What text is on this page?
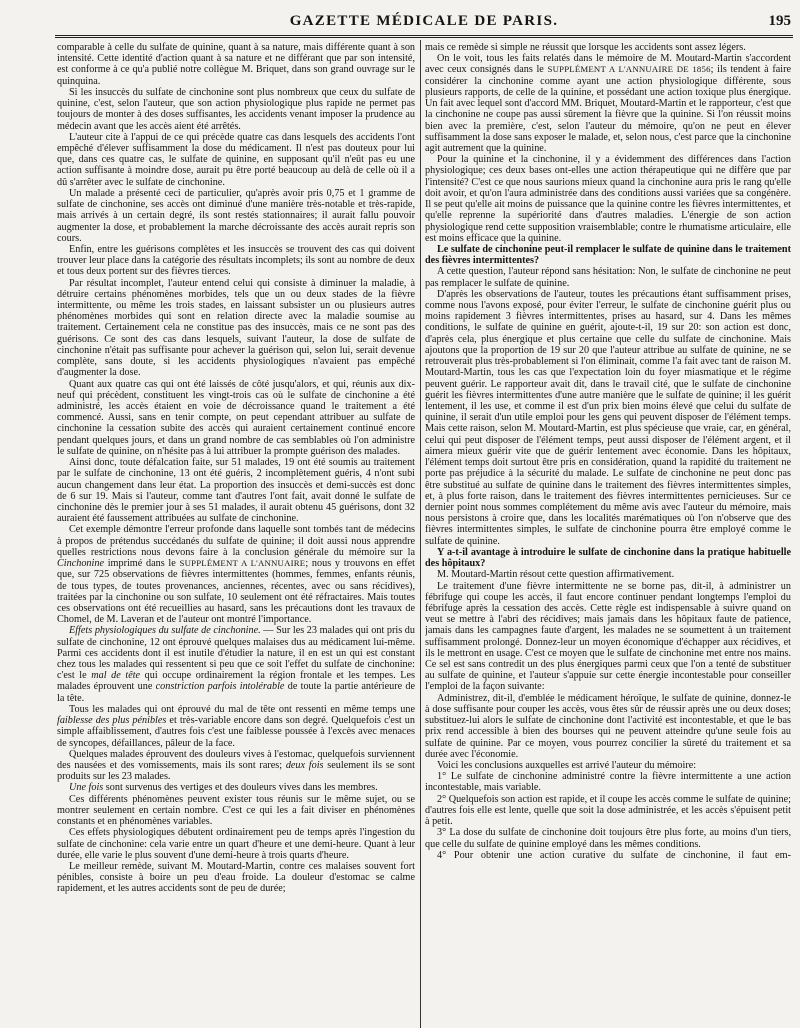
GAZETTE MÉDICALE DE PARIS.	195

comparable à celle du sulfate de quinine, quant à sa nature, mais différente quant à son intensité. Cette identité d'action quant à sa nature et ne différant que par son intensité, est conforme à ce qu'a publié notre collègue M. Briquet, dans son grand ouvrage sur le quinquina.

Si les insuccès du sulfate de cinchonine sont plus nombreux que ceux du sulfate de quinine, c'est, selon l'auteur, que son action physiologique plus rapide ne permet pas toujours de monter à des doses suffisantes, les accidents venant imposer la prudence au médecin avant que les accès aient été arrêtés.

L'auteur cite à l'appui de ce qui précède quatre cas dans lesquels des accidents l'ont empêché d'élever suffisamment la dose du médicament. Il n'est pas douteux pour lui que, dans ces quatre cas, le sulfate de quinine, en supposant qu'il n'eût pas eu une action suffisante à moindre dose, aurait pu être porté beaucoup au delà de celle où il a dû s'arrêter avec le sulfate de cinchonine.

Un malade a présenté ceci de particulier, qu'après avoir pris 0,75 et 1 gramme de sulfate de cinchonine, ses accès ont diminué d'une manière très-notable et très-rapide, mais arrivés à un certain degré, ils sont restés stationnaires; il aurait fallu pouvoir augmenter la dose, et probablement la marche décroissante des accès aurait repris son cours.

Enfin, entre les guérisons complètes et les insuccès se trouvent des cas qui doivent trouver leur place dans la catégorie des résultats incomplets; ils sont au nombre de deux et tous deux portent sur des fièvres tierces.

Par résultat incomplet, l'auteur entend celui qui consiste à diminuer la maladie, à détruire certains phénomènes morbides, tels que un ou deux stades de la fièvre intermittente, ou même les trois stades, en laissant subsister un ou plusieurs autres phénomènes morbides qui sont en relation directe avec la maladie soumise au traitement. Certainement cela ne constitue pas des insuccès, mais ce ne sont pas des guérisons. Ce sont des cas dans lesquels, suivant l'auteur, la dose de sulfate de cinchonine n'était pas suffisante pour achever la guérison qui, selon lui, serait devenue complète, sans doute, si les accidents physiologiques n'avaient pas empêché d'augmenter la dose.

Quant aux quatre cas qui ont été laissés de côté jusqu'alors, et qui, réunis aux dix-neuf qui précèdent, constituent les vingt-trois cas où le sulfate de cinchonine a été administré, les accès étaient en voie de décroissance quand le traitement a été commencé. Aussi, sans en tenir compte, on peut cependant attribuer au sulfate de cinchonine la cessation subite des accès qui auraient certainement continué encore pendant quelques jours, et dans un grand nombre de cas semblables où l'on administre le sulfate de quinine, on n'hésite pas à lui attribuer la prompte guérison des malades.

Ainsi donc, toute défalcation faite, sur 51 malades, 19 ont été soumis au traitement par le sulfate de cinchonine, 13 ont été guéris, 2 incomplètement guéris, 4 n'ont subi aucun changement dans leur état. La proportion des insuccès et demi-succès est donc de 6 sur 19. Mais si l'auteur, comme tant d'autres l'ont fait, avait donné le sulfate de cinchonine dès le premier jour à ses 51 malades, il aurait obtenu 45 guérisons, dont 32 auraient été faussement attribuées au sulfate de cinchonine.

Cet exemple démontre l'erreur profonde dans laquelle sont tombés tant de médecins à propos de prétendus succédanés du sulfate de quinine; il doit aussi nous apprendre quelles restrictions nous devons faire à la conclusion générale du mémoire sur la Cinchonine imprimé dans le SUPPLÉMENT A L'ANNUAIRE; nous y trouvons en effet que, sur 725 observations de fièvres intermittentes (hommes, femmes, enfants réunis, de tous types, de toutes provenances, anciennes, récentes, avec ou sans récidives), traitées par la cinchonine ou son sulfate, 10 seulement ont été réfractaires. Mais toutes ces observations ont été recueillies au hasard, sans les précautions dont les travaux de Chomel, de M. Laveran et de l'auteur ont montré l'importance.

Effets physiologiques du sulfate de cinchonine. — Sur les 23 malades qui ont pris du sulfate de cinchonine, 12 ont éprouvé quelques malaises dus au médicament lui-même. Parmi ces accidents dont il est inutile d'étudier la nature, il en est un qui est constant chez tous les malades qui ressentent si peu que ce soit l'effet du sulfate de cinchonine: c'est le mal de tête qui occupe ordinairement la région frontale et les tempes. Les malades éprouvent une constriction parfois intolérable de toute la partie antérieure de la tête.

Tous les malades qui ont éprouvé du mal de tête ont ressenti en même temps une faiblesse des plus pénibles et très-variable encore dans son degré. Quelquefois c'est un simple affaiblissement, d'autres fois c'est une faiblesse poussée à l'excès avec menaces de syncopes, défaillances, pâleur de la face.

Quelques malades éprouvent des douleurs vives à l'estomac, quelquefois surviennent des nausées et des vomissements, mais ils sont rares; deux fois seulement ils se sont produits sur les 23 malades.

Une fois sont survenus des vertiges et des douleurs vives dans les membres.

Ces différents phénomènes peuvent exister tous réunis sur le même sujet, ou se montrer seulement en certain nombre. C'est ce qui les a fait diviser en phénomènes constants et en phénomènes variables.

Ces effets physiologiques débutent ordinairement peu de temps après l'ingestion du sulfate de cinchonine: cela varie entre un quart d'heure et une demi-heure. Quant à leur durée, elle varie le plus souvent d'une demi-heure à trois quarts d'heure.

Le meilleur remède, suivant M. Moutard-Martin, contre ces malaises souvent fort pénibles, consiste à boire un peu d'eau froide. La douleur d'estomac se calme rapidement, et les autres accidents sont de peu de durée;

mais ce remède si simple ne réussit que lorsque les accidents sont assez légers.

On le voit, tous les faits relatés dans le mémoire de M. Moutard-Martin s'accordent avec ceux consignés dans le SUPPLÉMENT A L'ANNUAIRE DE 1856; ils tendent à faire considérer la cinchonine comme ayant une action physiologique différente, sous plusieurs rapports, de celle de la quinine, et possédant une action toxique plus énergique. Un fait avec lequel sont d'accord MM. Briquet, Moutard-Martin et le rapporteur, c'est que la cinchonine ne coupe pas aussi sûrement la fièvre que la quinine. Si l'on réussit moins bien avec la première, c'est, selon l'auteur du mémoire, qu'on ne peut en élever suffisamment la dose sans exposer le malade, et, selon nous, c'est parce que la cinchonine agit autrement que la quinine.

Pour la quinine et la cinchonine, il y a évidemment des différences dans l'action physiologique; ces deux bases ont-elles une action thérapeutique qui ne diffère que par l'intensité? C'est ce que nous saurions mieux quand la cinchonine aura pris le rang qu'elle doit avoir, et qu'on l'aura administrée dans des conditions aussi variées que sa congénère. Il se peut qu'elle ait moins de puissance que la quinine contre les fièvres intermittentes, et qu'elle reprenne la supériorité dans d'autres maladies. L'énergie de son action physiologique rend cette supposition vraisemblable; contre le rhumatisme articulaire, elle est moins efficace que la quinine.

Le sulfate de cinchonine peut-il remplacer le sulfate de quinine dans le traitement des fièvres intermittentes?

A cette question, l'auteur répond sans hésitation: Non, le sulfate de cinchonine ne peut pas remplacer le sulfate de quinine.

D'après les observations de l'auteur, toutes les précautions étant suffisamment prises, comme nous l'avons exposé, pour éviter l'erreur, le sulfate de cinchonine guérit plus ou moins rapidement 3 fièvres intermittentes, prises au hasard, sur 4. Dans les mêmes conditions, le sulfate de quinine en guérit, ajoute-t-il, 19 sur 20: son action est donc, d'après cela, plus énergique et plus certaine que celle du sulfate de cinchonine. Mais ajoutons que la proportion de 19 sur 20 que l'auteur attribue au sulfate de quinine, ne se retrouverait plus très-probablement si l'on éliminait, comme l'a fait avec tant de raison M. Moutard-Martin, tous les cas que l'expectation loin du foyer miasmatique et le régime peuvent guérir. Le rapporteur avait dit, dans le travail cité, que le sulfate de cinchonine guérit les fièvres intermittentes d'une autre manière que le sulfate de quinine; il les guérit lentement, il les use, et comme il est d'un prix bien moins élevé que celui du sulfate de quinine, il serait d'un utile emploi pour les gens qui peuvent disposer de l'élément temps. Mais cette raison, selon M. Moutard-Martin, est plus spécieuse que vraie, car, en général, celui qui peut disposer de l'élément temps, peut aussi disposer de l'élément argent, et il aimera mieux guérir vite que de guérir lentement avec économie. Dans les hôpitaux, l'élément temps doit surtout être pris en considération, quand la rapidité du traitement ne porte pas préjudice à la sécurité du malade. Le sulfate de cinchonine ne peut donc pas être substitué au sulfate de quinine dans le traitement des fièvres intermittentes simples, et, à plus forte raison, dans le traitement des fièvres intermittentes pernicieuses. Sur ce dernier point nous sommes complétement du même avis avec l'auteur du mémoire, mais nous persistons à croire que, dans les localités marématiques où l'on n'observe que des fièvres intermittentes simples, le sulfate de cinchonine pourra être employé comme le sulfate de quinine.

Y a-t-il avantage à introduire le sulfate de cinchonine dans la pratique habituelle des hôpitaux?

M. Moutard-Martin résout cette question affirmativement.

Le traitement d'une fièvre intermittente ne se borne pas, dit-il, à administrer un fébrifuge qui coupe les accès, il faut encore continuer pendant longtemps l'emploi du fébrifuge après la cessation des accès. Cette règle est indispensable à suivre quand on veut se mettre à l'abri des récidives; mais jamais dans les hôpitaux faute de patience, jamais dans les campagnes faute d'argent, les malades ne se soumettent à un traitement suffisamment prolongé. Donnez-leur un moyen économique d'échapper aux récidives, et ils le mettront en usage. C'est ce moyen que le sulfate de cinchonine met entre nos mains. Ce sel est sans contredit un des plus énergiques parmi ceux que l'on a tenté de substituer au sulfate de quinine, et l'auteur s'appuie sur cette énergie incontestable pour conseiller l'emploi de la façon suivante:

Administrez, dit-il, d'emblée le médicament héroïque, le sulfate de quinine, donnez-le à dose suffisante pour couper les accès, vous êtes sûr de réussir après une ou deux doses; substituez-lui alors le sulfate de cinchonine dont l'activité est incontestable, et que le bas prix rend accessible à bien des bourses qui ne peuvent atteindre qu'une seule fois au sulfate de quinine. Par ce moyen, vous pourrez concilier la sûreté du traitement et sa durée avec l'économie.

Voici les conclusions auxquelles est arrivé l'auteur du mémoire:

1° Le sulfate de cinchonine administré contre la fièvre intermittente a une action incontestable, mais variable.

2° Quelquefois son action est rapide, et il coupe les accès comme le sulfate de quinine; d'autres fois elle est lente, quelle que soit la dose administrée, et les accès s'épuisent petit à petit.

3° La dose du sulfate de cinchonine doit toujours être plus forte, au moins d'un tiers, que celle du sulfate de quinine employé dans les mêmes conditions.

4° Pour obtenir une action curative du sulfate de cinchonine, il faut em-
